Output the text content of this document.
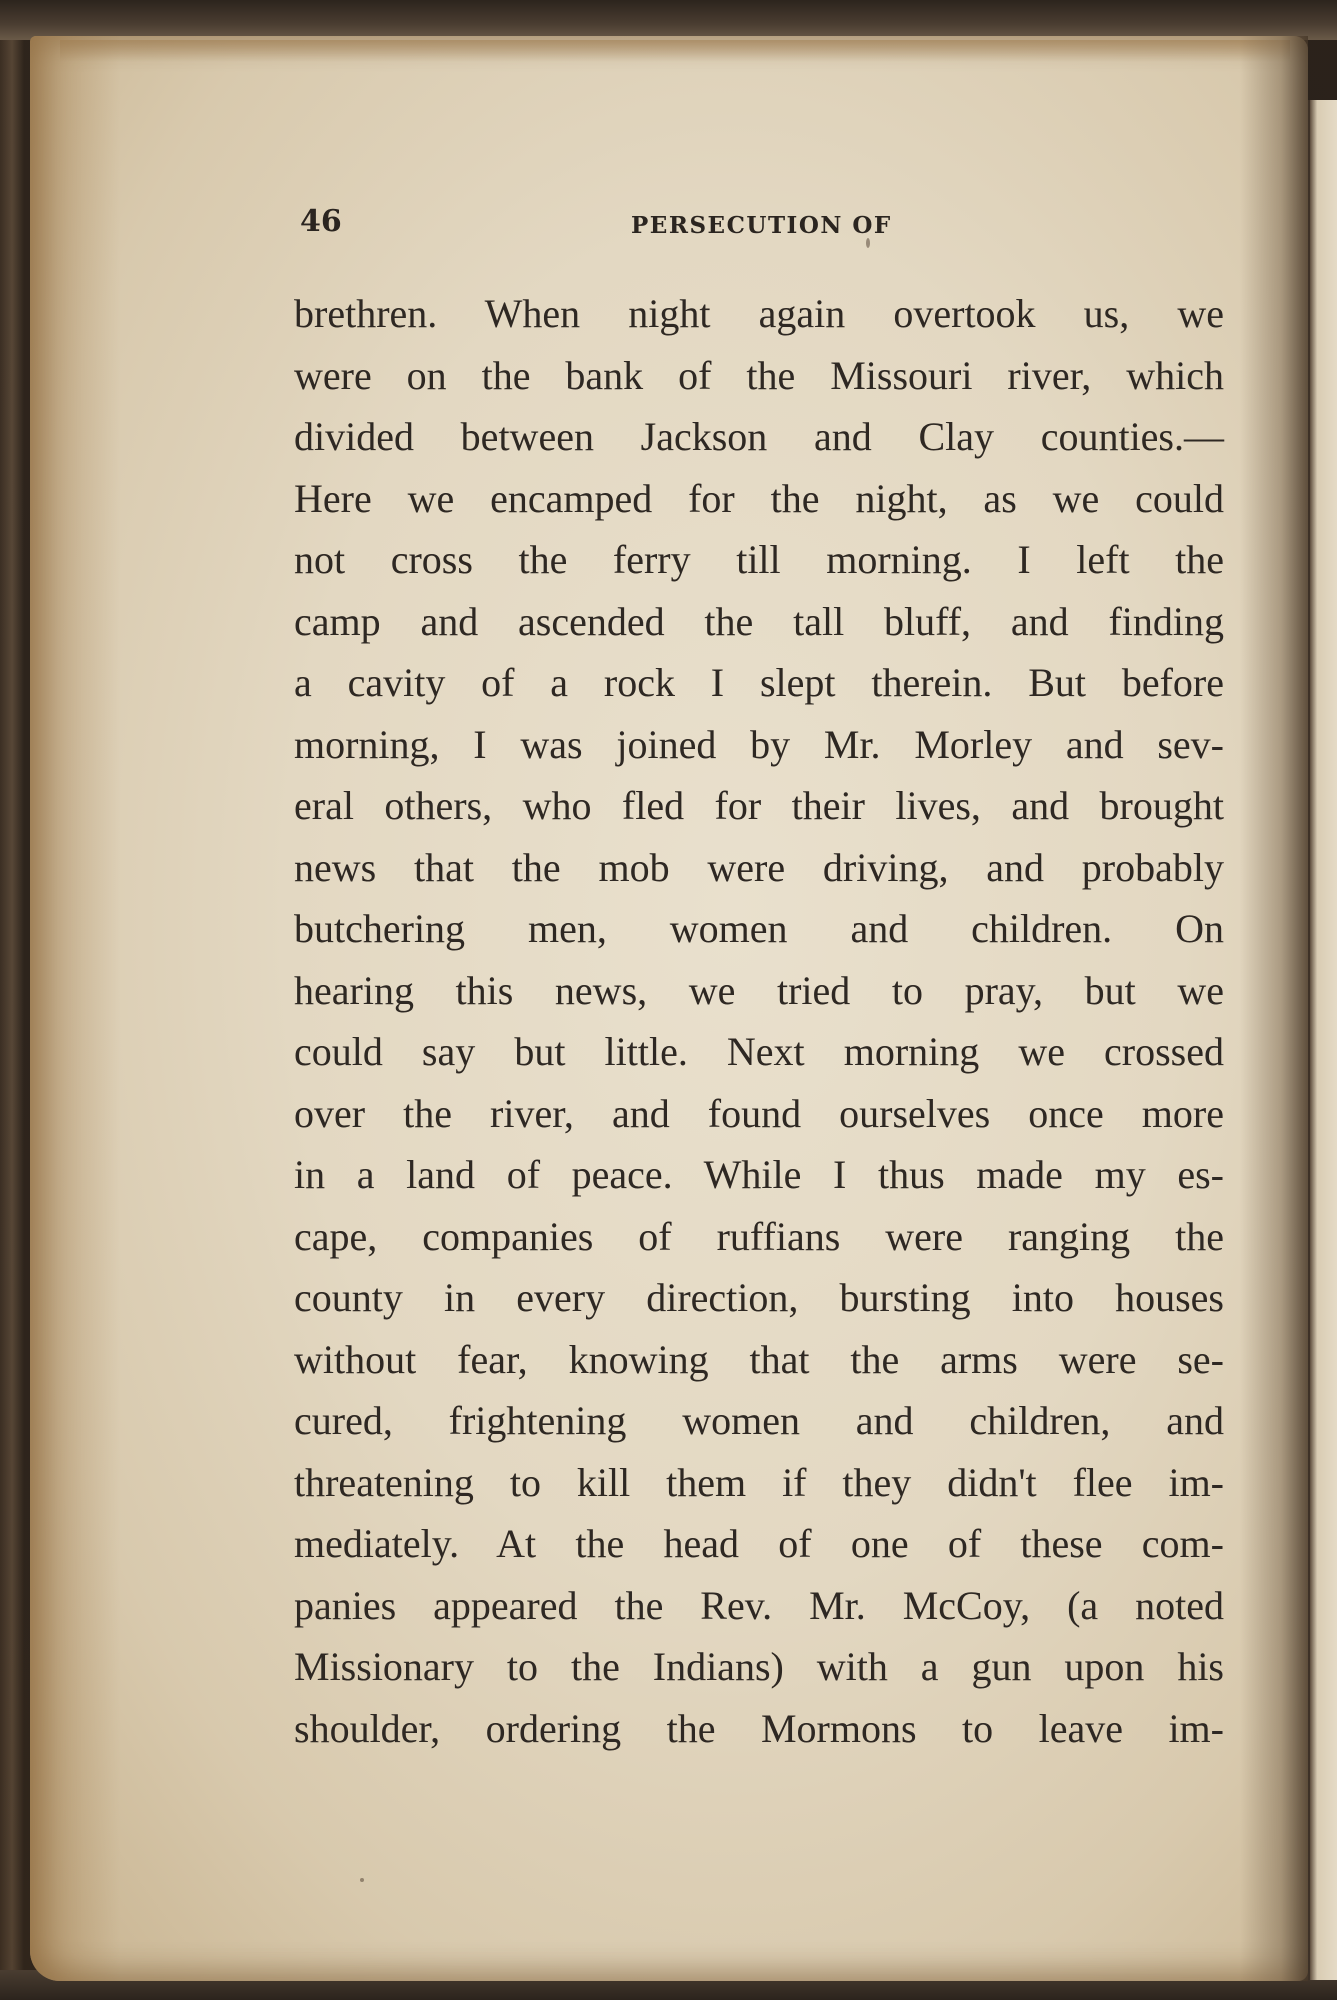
46	PERSECUTION OF
brethren. When night again overtook us, we
were on the bank of the Missouri river, which
divided between Jackson and Clay counties.—
Here we encamped for the night, as we could
not cross the ferry till morning. I left the
camp and ascended the tall bluff, and finding
a cavity of a rock I slept therein. But before
morning, I was joined by Mr. Morley and sev-
eral others, who fled for their lives, and brought
news that the mob were driving, and probably
butchering men, women and children. On
hearing this news, we tried to pray, but we
could say but little. Next morning we crossed
over the river, and found ourselves once more
in a land of peace. While I thus made my es-
cape, companies of ruffians were ranging the
county in every direction, bursting into houses
without fear, knowing that the arms were se-
cured, frightening women and children, and
threatening to kill them if they didn't flee im-
mediately. At the head of one of these com-
panies appeared the Rev. Mr. McCoy, (a noted
Missionary to the Indians) with a gun upon his
shoulder, ordering the Mormons to leave im-
